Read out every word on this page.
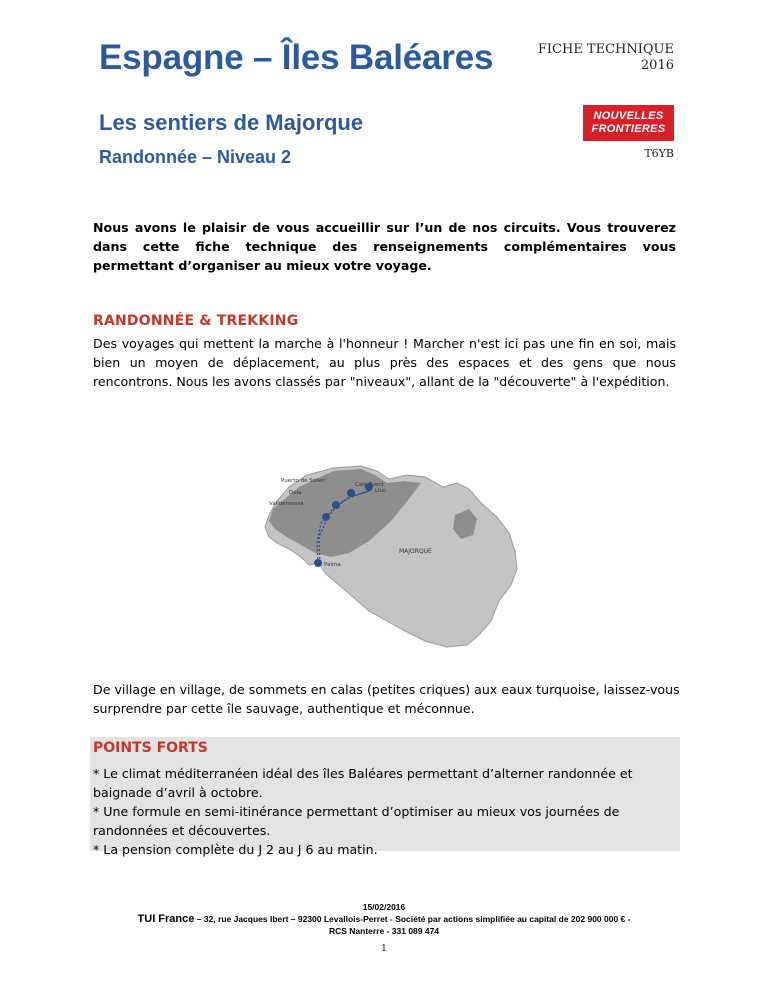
Espagne – Îles Baléares	FICHE TECHNIQUE
2016
Les sentiers de Majorque	NOUVELLES
FRONTIERES
Randonnée – Niveau 2	T6YB
Nous avons le plaisir de vous accueillir sur l’un de nos circuits. Vous trouverez dans cette fiche technique des renseignements complémentaires vous permettant d’organiser au mieux votre voyage.
RANDONNÉE & TREKKING
Des voyages qui mettent la marche à l'honneur ! Marcher n'est ici pas une fin en soi, mais bien un moyen de déplacement, au plus près des espaces et des gens que nous rencontrons. Nous les avons classés par "niveaux", allant de la "découverte" à l'expédition.
Puerto de Soller
Deia
Valldemossa
Cala Tuent
Lluc
Palma
MAJORQUE
De village en village, de sommets en calas (petites criques) aux eaux turquoise, laissez-vous surprendre par cette île sauvage, authentique et méconnue.
POINTS FORTS

* Le climat méditerranéen idéal des îles Baléares permettant d’alterner randonnée et baignade d’avril à octobre.

* Une formule en semi-itinérance permettant d’optimiser au mieux vos journées de randonnées et découvertes.

* La pension complète du J 2 au J 6 au matin.

15/02/2016
TUI France – 32, rue Jacques Ibert – 92300 Levallois-Perret - Société par actions simplifiée au capital de 202 900 000 € -
RCS Nanterre - 331 089 474
1
